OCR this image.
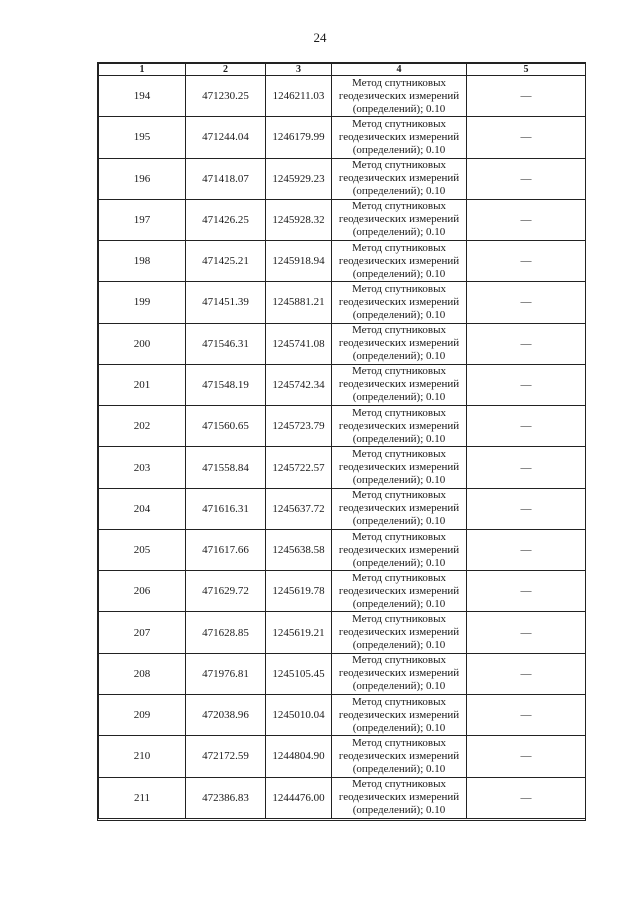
24
1	2	3	4	5
194	471230.25	1246211.03	Метод спутниковых
геодезических измерений
(определений); 0.10	—
195	471244.04	1246179.99	Метод спутниковых
геодезических измерений
(определений); 0.10	—
196	471418.07	1245929.23	Метод спутниковых
геодезических измерений
(определений); 0.10	—
197	471426.25	1245928.32	Метод спутниковых
геодезических измерений
(определений); 0.10	—
198	471425.21	1245918.94	Метод спутниковых
геодезических измерений
(определений); 0.10	—
199	471451.39	1245881.21	Метод спутниковых
геодезических измерений
(определений); 0.10	—
200	471546.31	1245741.08	Метод спутниковых
геодезических измерений
(определений); 0.10	—
201	471548.19	1245742.34	Метод спутниковых
геодезических измерений
(определений); 0.10	—
202	471560.65	1245723.79	Метод спутниковых
геодезических измерений
(определений); 0.10	—
203	471558.84	1245722.57	Метод спутниковых
геодезических измерений
(определений); 0.10	—
204	471616.31	1245637.72	Метод спутниковых
геодезических измерений
(определений); 0.10	—
205	471617.66	1245638.58	Метод спутниковых
геодезических измерений
(определений); 0.10	—
206	471629.72	1245619.78	Метод спутниковых
геодезических измерений
(определений); 0.10	—
207	471628.85	1245619.21	Метод спутниковых
геодезических измерений
(определений); 0.10	—
208	471976.81	1245105.45	Метод спутниковых
геодезических измерений
(определений); 0.10	—
209	472038.96	1245010.04	Метод спутниковых
геодезических измерений
(определений); 0.10	—
210	472172.59	1244804.90	Метод спутниковых
геодезических измерений
(определений); 0.10	—
211	472386.83	1244476.00	Метод спутниковых
геодезических измерений
(определений); 0.10	—
